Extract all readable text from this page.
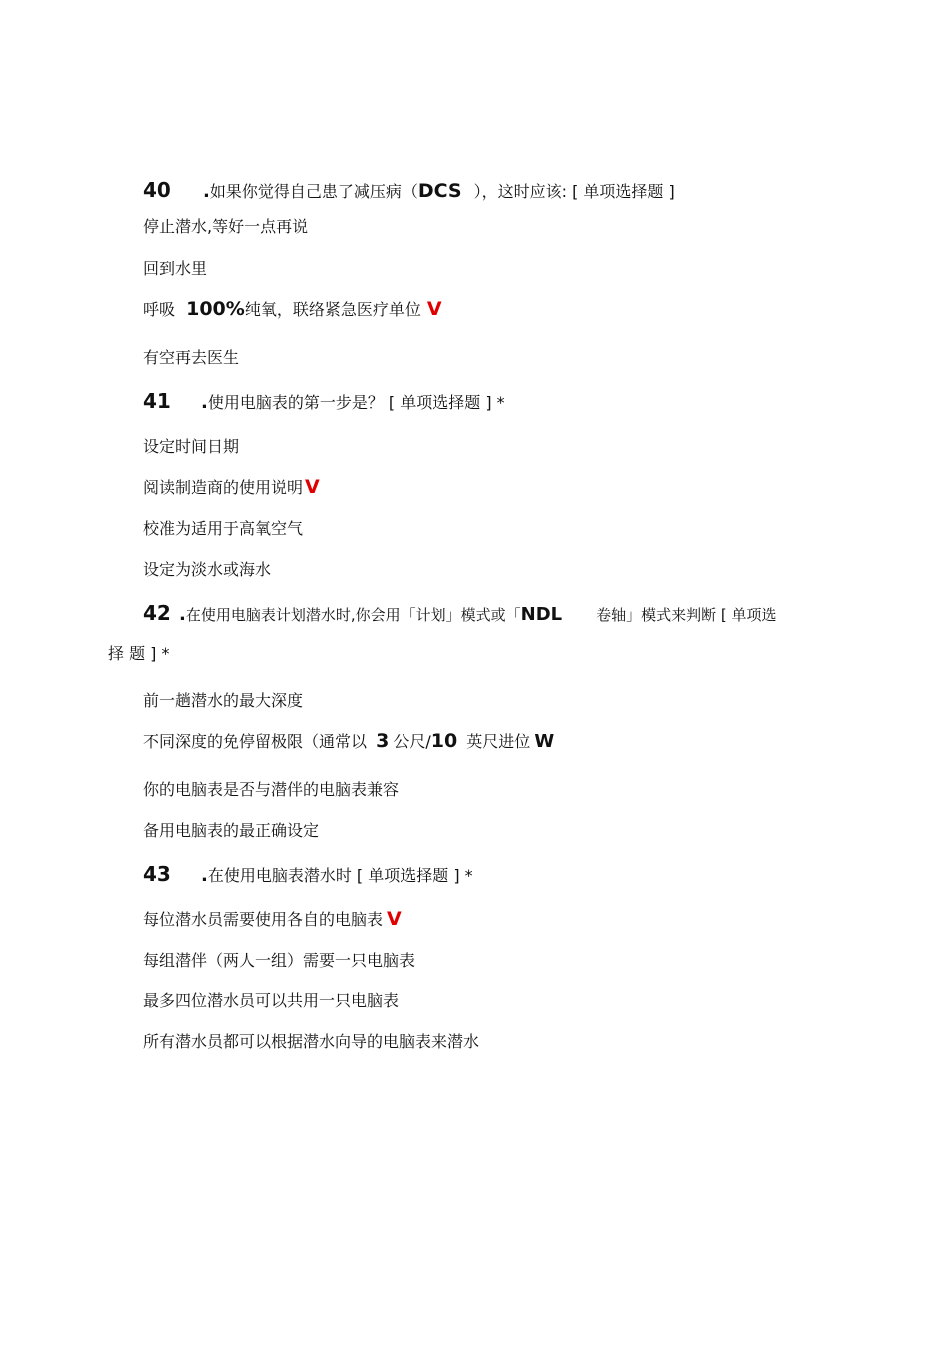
40 .如果你觉得自己患了减压病（DCS ），这时应该: [ 单项选择题 ]
停止潜水,等好一点再说
回到水里
呼吸 100%纯氧，联络紧急医疗单位 V
有空再去医生
41 .使用电脑表的第一步是？ [ 单项选择题 ] *
设定时间日期
阅读制造商的使用说明 V
校准为适用于高氧空气
设定为淡水或海水
42 .在使用电脑表计划潜水时,你会用「计划」模式或「NDL 卷轴」模式来判断 [ 单项选
择 题 ] *
前一趟潜水的最大深度
不同深度的免停留极限（通常以 3 公尺/10 英尺进位 W
你的电脑表是否与潜伴的电脑表兼容
备用电脑表的最正确设定
43 .在使用电脑表潜水时 [ 单项选择题 ] *
每位潜水员需要使用各自的电脑表 V
每组潜伴（两人一组）需要一只电脑表
最多四位潜水员可以共用一只电脑表
所有潜水员都可以根据潜水向导的电脑表来潜水
